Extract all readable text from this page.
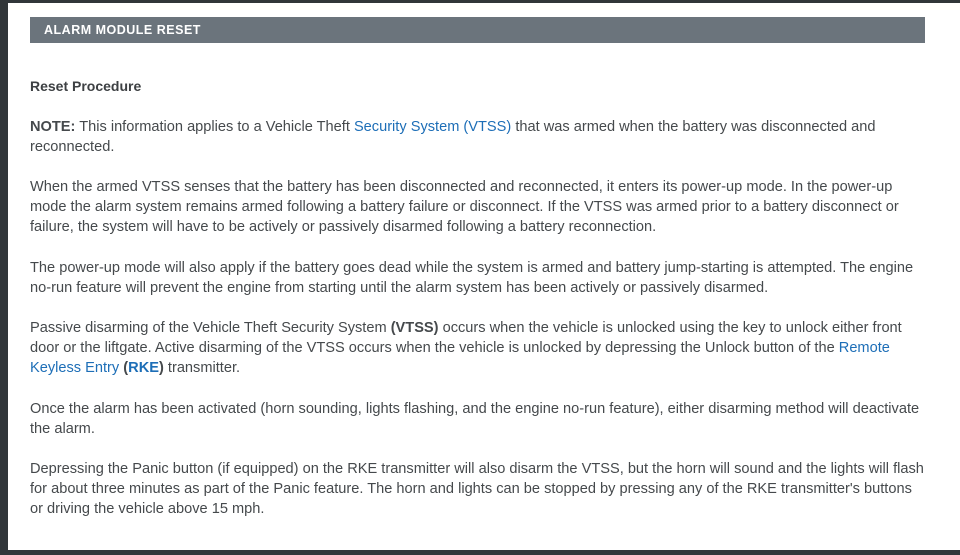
ALARM MODULE RESET
Reset Procedure

NOTE: This information applies to a Vehicle Theft Security System (VTSS) that was armed when the battery was disconnected and reconnected.

When the armed VTSS senses that the battery has been disconnected and reconnected, it enters its power-up mode. In the power-up mode the alarm system remains armed following a battery failure or disconnect. If the VTSS was armed prior to a battery disconnect or failure, the system will have to be actively or passively disarmed following a battery reconnection.

The power-up mode will also apply if the battery goes dead while the system is armed and battery jump-starting is attempted. The engine no-run feature will prevent the engine from starting until the alarm system has been actively or passively disarmed.

Passive disarming of the Vehicle Theft Security System (VTSS) occurs when the vehicle is unlocked using the key to unlock either front door or the liftgate. Active disarming of the VTSS occurs when the vehicle is unlocked by depressing the Unlock button of the Remote Keyless Entry (RKE) transmitter.

Once the alarm has been activated (horn sounding, lights flashing, and the engine no-run feature), either disarming method will deactivate the alarm.

Depressing the Panic button (if equipped) on the RKE transmitter will also disarm the VTSS, but the horn will sound and the lights will flash for about three minutes as part of the Panic feature. The horn and lights can be stopped by pressing any of the RKE transmitter's buttons or driving the vehicle above 15 mph.
